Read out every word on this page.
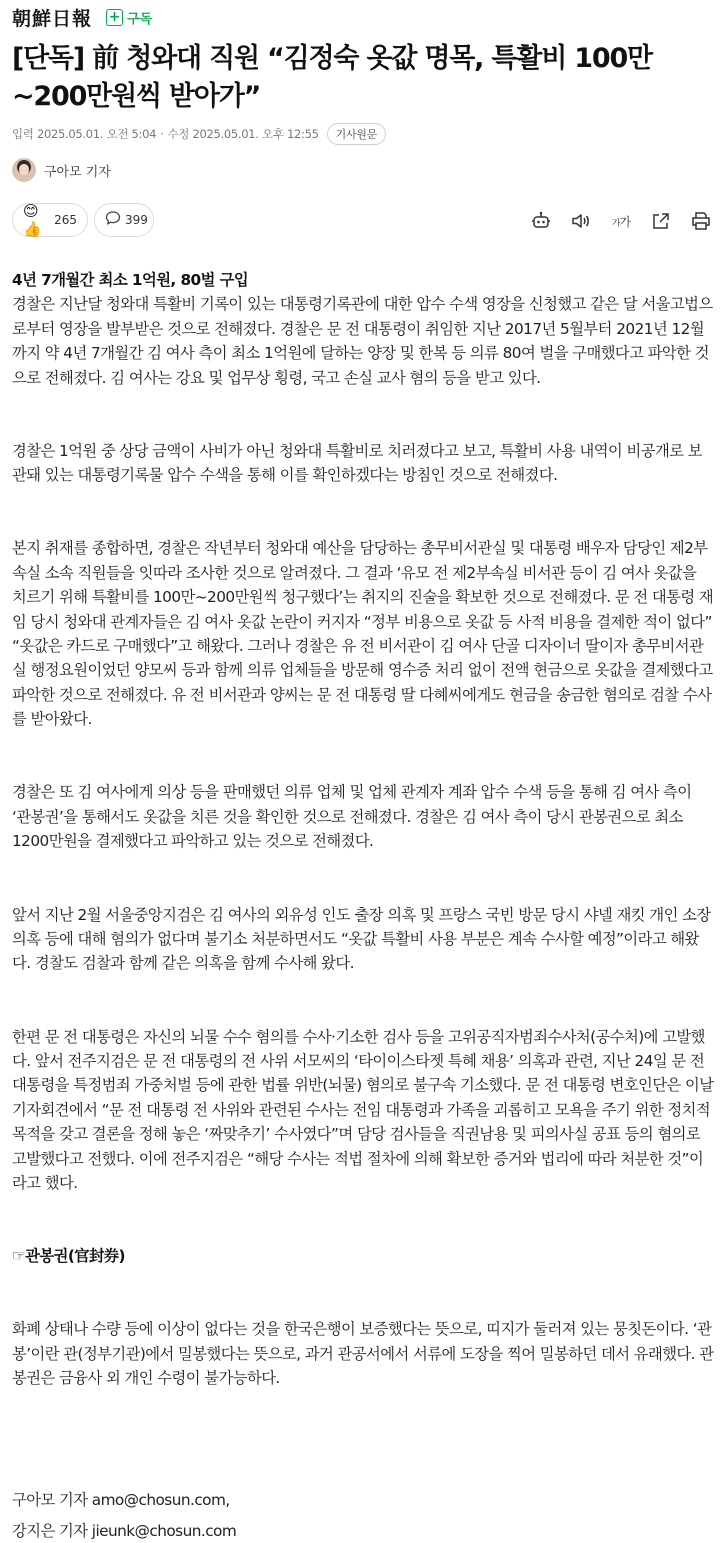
朝鮮日報 + 구독
[단독] 前 청와대 직원 “김정숙 옷값 명목, 특활비 100만~200만원씩 받아가”
입력 2025.05.01. 오전 5:04 · 수정 2025.05.01. 오후 12:55	기사원문
구아모 기자
😊👍	265	399	가가

4년 7개월간 최소 1억원, 80벌 구입

경찰은 지난달 청와대 특활비 기록이 있는 대통령기록관에 대한 압수 수색 영장을 신청했고 같은 달 서울고법으로부터 영장을 발부받은 것으로 전해졌다. 경찰은 문 전 대통령이 취임한 지난 2017년 5월부터 2021년 12월까지 약 4년 7개월간 김 여사 측이 최소 1억원에 달하는 양장 및 한복 등 의류 80여 벌을 구매했다고 파악한 것으로 전해졌다. 김 여사는 강요 및 업무상 횡령, 국고 손실 교사 혐의 등을 받고 있다.

경찰은 1억원 중 상당 금액이 사비가 아닌 청와대 특활비로 치러졌다고 보고, 특활비 사용 내역이 비공개로 보관돼 있는 대통령기록물 압수 수색을 통해 이를 확인하겠다는 방침인 것으로 전해졌다.

본지 취재를 종합하면, 경찰은 작년부터 청와대 예산을 담당하는 총무비서관실 및 대통령 배우자 담당인 제2부속실 소속 직원들을 잇따라 조사한 것으로 알려졌다. 그 결과 ‘유모 전 제2부속실 비서관 등이 김 여사 옷값을 치르기 위해 특활비를 100만~200만원씩 청구했다’는 취지의 진술을 확보한 것으로 전해졌다. 문 전 대통령 재임 당시 청와대 관계자들은 김 여사 옷값 논란이 커지자 “정부 비용으로 옷값 등 사적 비용을 결제한 적이 없다” “옷값은 카드로 구매했다”고 해왔다. 그러나 경찰은 유 전 비서관이 김 여사 단골 디자이너 딸이자 총무비서관실 행정요원이었던 양모씨 등과 함께 의류 업체들을 방문해 영수증 처리 없이 전액 현금으로 옷값을 결제했다고 파악한 것으로 전해졌다. 유 전 비서관과 양씨는 문 전 대통령 딸 다혜씨에게도 현금을 송금한 혐의로 검찰 수사를 받아왔다.

경찰은 또 김 여사에게 의상 등을 판매했던 의류 업체 및 업체 관계자 계좌 압수 수색 등을 통해 김 여사 측이 ‘관봉권’을 통해서도 옷값을 치른 것을 확인한 것으로 전해졌다. 경찰은 김 여사 측이 당시 관봉권으로 최소 1200만원을 결제했다고 파악하고 있는 것으로 전해졌다.

앞서 지난 2월 서울중앙지검은 김 여사의 외유성 인도 출장 의혹 및 프랑스 국빈 방문 당시 샤넬 재킷 개인 소장 의혹 등에 대해 혐의가 없다며 불기소 처분하면서도 “옷값 특활비 사용 부분은 계속 수사할 예정”이라고 해왔다. 경찰도 검찰과 함께 같은 의혹을 함께 수사해 왔다.

한편 문 전 대통령은 자신의 뇌물 수수 혐의를 수사·기소한 검사 등을 고위공직자범죄수사처(공수처)에 고발했다. 앞서 전주지검은 문 전 대통령의 전 사위 서모씨의 ‘타이이스타젯 특혜 채용’ 의혹과 관련, 지난 24일 문 전 대통령을 특정범죄 가중처벌 등에 관한 법률 위반(뇌물) 혐의로 불구속 기소했다. 문 전 대통령 변호인단은 이날 기자회견에서 “문 전 대통령 전 사위와 관련된 수사는 전임 대통령과 가족을 괴롭히고 모욕을 주기 위한 정치적 목적을 갖고 결론을 정해 놓은 ‘짜맞추기’ 수사였다”며 담당 검사들을 직권남용 및 피의사실 공표 등의 혐의로 고발했다고 전했다. 이에 전주지검은 “해당 수사는 적법 절차에 의해 확보한 증거와 법리에 따라 처분한 것”이라고 했다.

☞관봉권(官封券)

화폐 상태나 수량 등에 이상이 없다는 것을 한국은행이 보증했다는 뜻으로, 띠지가 둘러져 있는 뭉칫돈이다. ‘관봉’이란 관(정부기관)에서 밀봉했다는 뜻으로, 과거 관공서에서 서류에 도장을 찍어 밀봉하던 데서 유래했다. 관봉권은 금융사 외 개인 수령이 불가능하다.

구아모 기자 amo@chosun.com,

강지은 기자 jieunk@chosun.com
